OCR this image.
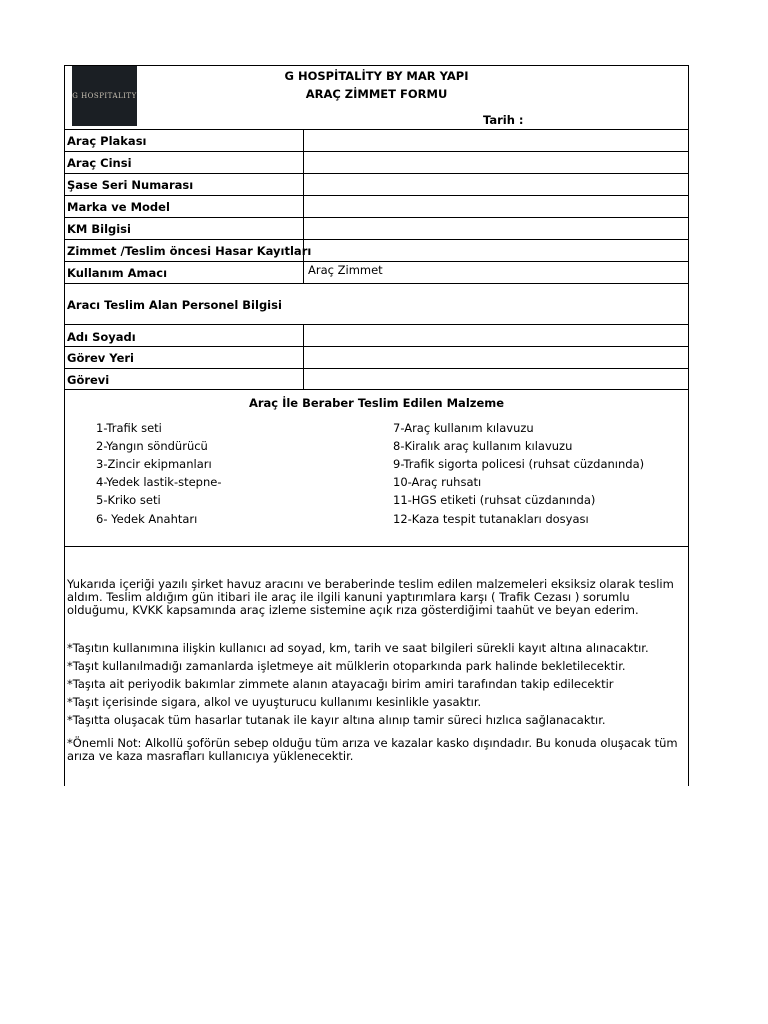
G HOSPITALITY
G HOSPİTALİTY BY MAR YAPI
ARAÇ ZİMMET FORMU
Tarih :
Araç Plakası
Araç Cinsi
Şase Seri Numarası
Marka ve Model
KM Bilgisi
Zimmet /Teslim öncesi Hasar Kayıtları
Kullanım Amacı	Araç Zimmet
Aracı Teslim Alan Personel Bilgisi
Adı Soyadı
Görev Yeri
Görevi
Araç İle Beraber Teslim Edilen Malzeme
1-Trafik seti
2-Yangın söndürücü
3-Zincir ekipmanları
4-Yedek lastik-stepne-
5-Kriko seti
6- Yedek Anahtarı
7-Araç kullanım kılavuzu
8-Kiralık araç kullanım kılavuzu
9-Trafik sigorta policesi (ruhsat cüzdanında)
10-Araç ruhsatı
11-HGS etiketi (ruhsat cüzdanında)
12-Kaza tespit tutanakları dosyası
Yukarıda içeriği yazılı şirket havuz aracını ve beraberinde teslim edilen malzemeleri eksiksiz olarak teslim aldım. Teslim aldığım gün itibari ile araç ile ilgili kanuni yaptırımlara karşı ( Trafik Cezası ) sorumlu olduğumu, KVKK kapsamında araç izleme sistemine açık rıza gösterdiğimi taahüt ve beyan ederim.
*Taşıtın kullanımına ilişkin kullanıcı ad soyad, km, tarih ve saat bilgileri sürekli kayıt altına alınacaktır.
*Taşıt kullanılmadığı zamanlarda işletmeye ait mülklerin otoparkında park halinde bekletilecektir.
*Taşıta ait periyodik bakımlar zimmete alanın atayacağı birim amiri tarafından takip edilecektir
*Taşıt içerisinde sigara, alkol ve uyuşturucu kullanımı kesinlikle yasaktır.
*Taşıtta oluşacak tüm hasarlar tutanak ile kayır altına alınıp tamir süreci hızlıca sağlanacaktır.
*Önemli Not: Alkollü şoförün sebep olduğu tüm arıza ve kazalar kasko dışındadır. Bu konuda oluşacak tüm arıza ve kaza masrafları kullanıcıya yüklenecektir.
